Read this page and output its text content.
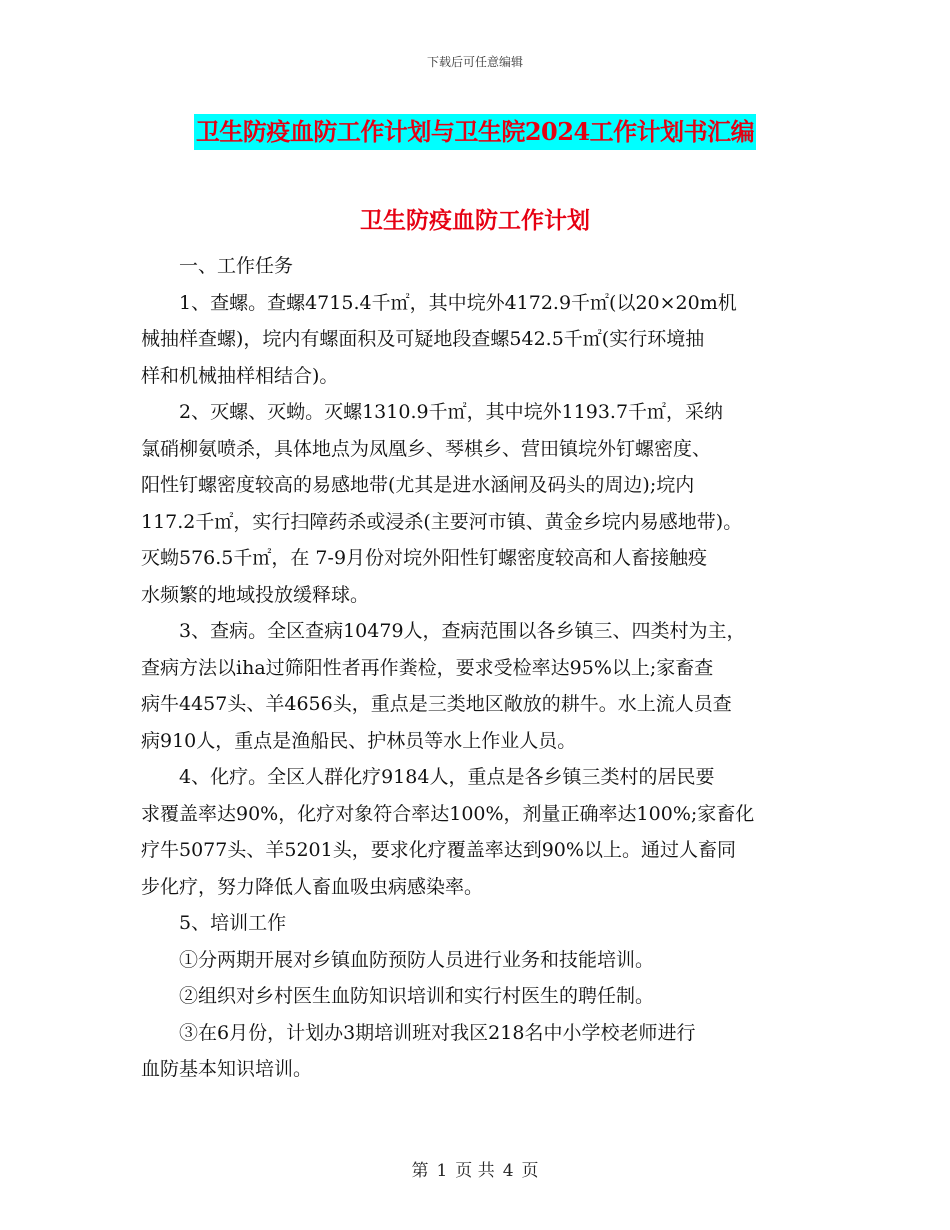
下载后可任意编辑
卫生防疫血防工作计划与卫生院2024工作计划书汇编
卫生防疫血防工作计划

一、工作任务

1、查螺。查螺4715.4千㎡，其中垸外4172.9千㎡(以20×20m机

械抽样查螺)，垸内有螺面积及可疑地段查螺542.5千㎡(实行环境抽

样和机械抽样相结合)。

2、灭螺、灭蚴。灭螺1310.9千㎡，其中垸外1193.7千㎡，采纳

氯硝柳氨喷杀，具体地点为凤凰乡、琴棋乡、营田镇垸外钉螺密度、

阳性钉螺密度较高的易感地带(尤其是进水涵闸及码头的周边);垸内

117.2千㎡，实行扫障药杀或浸杀(主要河市镇、黄金乡垸内易感地带)。

灭蚴576.5千㎡，在 7-9月份对垸外阳性钉螺密度较高和人畜接触疫

水频繁的地域投放缓释球。

3、查病。全区查病10479人，查病范围以各乡镇三、四类村为主，

查病方法以iha过筛阳性者再作粪检，要求受检率达95%以上;家畜查

病牛4457头、羊4656头，重点是三类地区敞放的耕牛。水上流人员查

病910人，重点是渔船民、护林员等水上作业人员。

4、化疗。全区人群化疗9184人，重点是各乡镇三类村的居民要

求覆盖率达90%，化疗对象符合率达100%，剂量正确率达100%;家畜化

疗牛5077头、羊5201头，要求化疗覆盖率达到90%以上。通过人畜同

步化疗，努力降低人畜血吸虫病感染率。

5、培训工作

①分两期开展对乡镇血防预防人员进行业务和技能培训。

②组织对乡村医生血防知识培训和实行村医生的聘任制。

③在6月份，计划办3期培训班对我区218名中小学校老师进行

血防基本知识培训。

第 1 页 共 4 页
